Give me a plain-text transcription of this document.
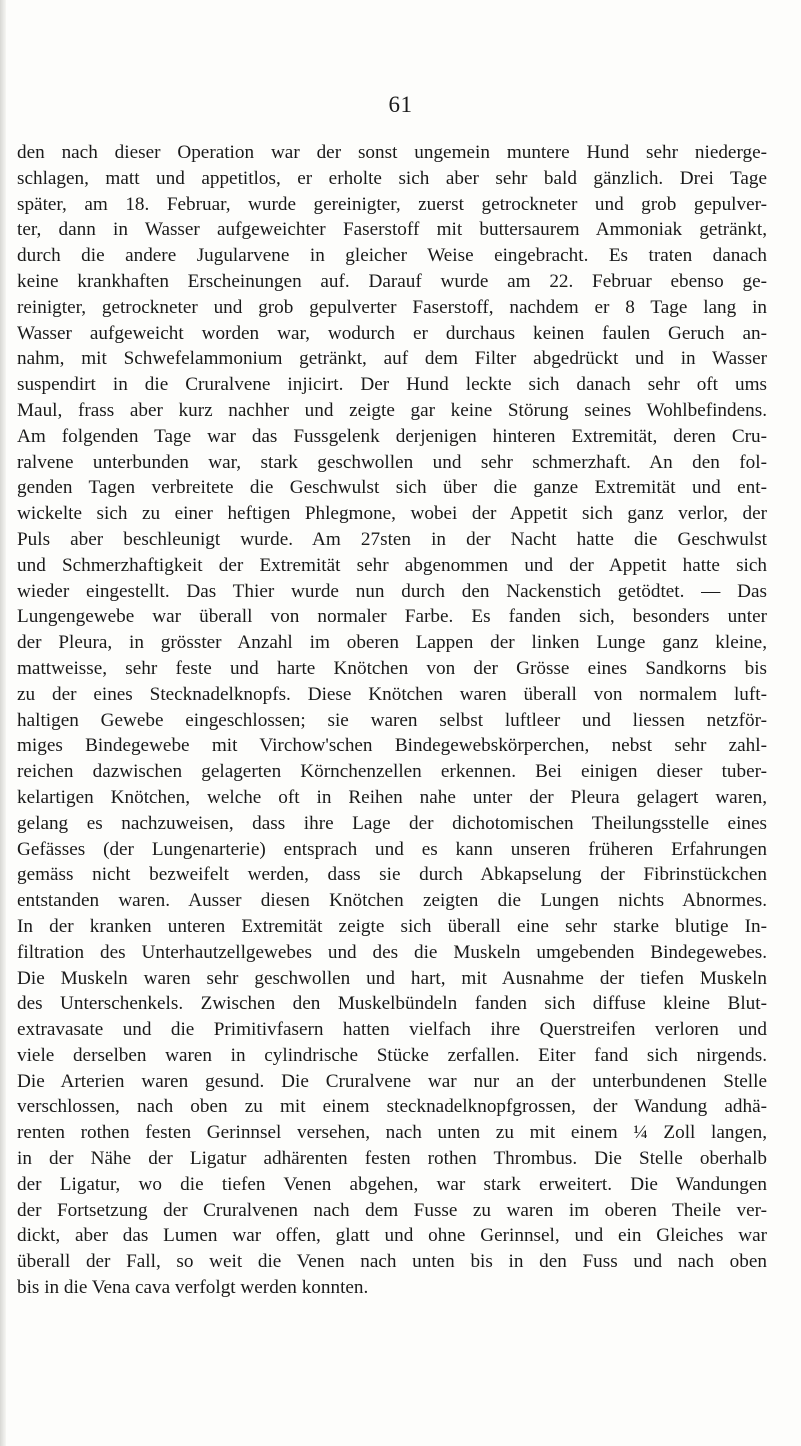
61
den nach dieser Operation war der sonst ungemein muntere Hund sehr niederge-
schlagen, matt und appetitlos, er erholte sich aber sehr bald gänzlich. Drei Tage
später, am 18. Februar, wurde gereinigter, zuerst getrockneter und grob gepulver-
ter, dann in Wasser aufgeweichter Faserstoff mit buttersaurem Ammoniak getränkt,
durch die andere Jugularvene in gleicher Weise eingebracht. Es traten danach
keine krankhaften Erscheinungen auf. Darauf wurde am 22. Februar ebenso ge-
reinigter, getrockneter und grob gepulverter Faserstoff, nachdem er 8 Tage lang in
Wasser aufgeweicht worden war, wodurch er durchaus keinen faulen Geruch an-
nahm, mit Schwefelammonium getränkt, auf dem Filter abgedrückt und in Wasser
suspendirt in die Cruralvene injicirt. Der Hund leckte sich danach sehr oft ums
Maul, frass aber kurz nachher und zeigte gar keine Störung seines Wohlbefindens.
Am folgenden Tage war das Fussgelenk derjenigen hinteren Extremität, deren Cru-
ralvene unterbunden war, stark geschwollen und sehr schmerzhaft. An den fol-
genden Tagen verbreitete die Geschwulst sich über die ganze Extremität und ent-
wickelte sich zu einer heftigen Phlegmone, wobei der Appetit sich ganz verlor, der
Puls aber beschleunigt wurde. Am 27sten in der Nacht hatte die Geschwulst
und Schmerzhaftigkeit der Extremität sehr abgenommen und der Appetit hatte sich
wieder eingestellt. Das Thier wurde nun durch den Nackenstich getödtet. — Das
Lungengewebe war überall von normaler Farbe. Es fanden sich, besonders unter
der Pleura, in grösster Anzahl im oberen Lappen der linken Lunge ganz kleine,
mattweisse, sehr feste und harte Knötchen von der Grösse eines Sandkorns bis
zu der eines Stecknadelknopfs. Diese Knötchen waren überall von normalem luft-
haltigen Gewebe eingeschlossen; sie waren selbst luftleer und liessen netzför-
miges Bindegewebe mit Virchow'schen Bindegewebskörperchen, nebst sehr zahl-
reichen dazwischen gelagerten Körnchenzellen erkennen. Bei einigen dieser tuber-
kelartigen Knötchen, welche oft in Reihen nahe unter der Pleura gelagert waren,
gelang es nachzuweisen, dass ihre Lage der dichotomischen Theilungsstelle eines
Gefässes (der Lungenarterie) entsprach und es kann unseren früheren Erfahrungen
gemäss nicht bezweifelt werden, dass sie durch Abkapselung der Fibrinstückchen
entstanden waren. Ausser diesen Knötchen zeigten die Lungen nichts Abnormes.
In der kranken unteren Extremität zeigte sich überall eine sehr starke blutige In-
filtration des Unterhautzellgewebes und des die Muskeln umgebenden Bindegewebes.
Die Muskeln waren sehr geschwollen und hart, mit Ausnahme der tiefen Muskeln
des Unterschenkels. Zwischen den Muskelbündeln fanden sich diffuse kleine Blut-
extravasate und die Primitivfasern hatten vielfach ihre Querstreifen verloren und
viele derselben waren in cylindrische Stücke zerfallen. Eiter fand sich nirgends.
Die Arterien waren gesund. Die Cruralvene war nur an der unterbundenen Stelle
verschlossen, nach oben zu mit einem stecknadelknopfgrossen, der Wandung adhä-
renten rothen festen Gerinnsel versehen, nach unten zu mit einem ¼ Zoll langen,
in der Nähe der Ligatur adhärenten festen rothen Thrombus. Die Stelle oberhalb
der Ligatur, wo die tiefen Venen abgehen, war stark erweitert. Die Wandungen
der Fortsetzung der Cruralvenen nach dem Fusse zu waren im oberen Theile ver-
dickt, aber das Lumen war offen, glatt und ohne Gerinnsel, und ein Gleiches war
überall der Fall, so weit die Venen nach unten bis in den Fuss und nach oben
bis in die Vena cava verfolgt werden konnten.
